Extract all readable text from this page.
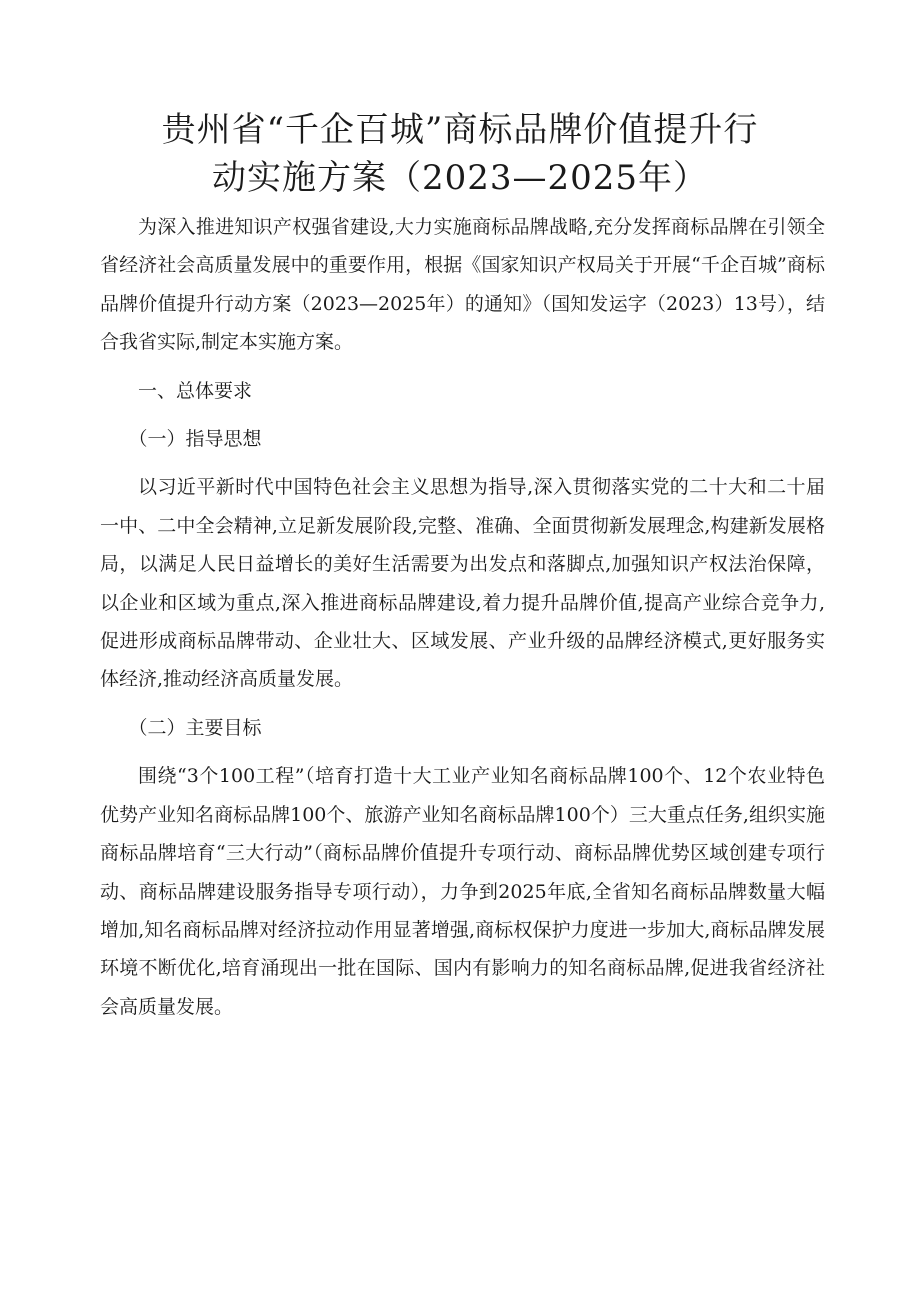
贵州省“千企百城”商标品牌价值提升行
动实施方案（2023—2025年）

为深入推进知识产权强省建设,大力实施商标品牌战略,充分发挥商标品牌在引领全省经济社会高质量发展中的重要作用，根据《国家知识产权局关于开展“千企百城”商标品牌价值提升行动方案（2023—2025年）的通知》（国知发运字（2023）13号），结合我省实际,制定本实施方案。

一、总体要求

（一）指导思想

以习近平新时代中国特色社会主义思想为指导,深入贯彻落实党的二十大和二十届一中、二中全会精神,立足新发展阶段,完整、准确、全面贯彻新发展理念,构建新发展格局，以满足人民日益增长的美好生活需要为出发点和落脚点,加强知识产权法治保障，以企业和区域为重点,深入推进商标品牌建设,着力提升品牌价值,提高产业综合竞争力,促进形成商标品牌带动、企业壮大、区域发展、产业升级的品牌经济模式,更好服务实体经济,推动经济高质量发展。

（二）主要目标

围绕“3个100工程”（培育打造十大工业产业知名商标品牌100个、12个农业特色优势产业知名商标品牌100个、旅游产业知名商标品牌100个）三大重点任务,组织实施商标品牌培育“三大行动”（商标品牌价值提升专项行动、商标品牌优势区域创建专项行动、商标品牌建设服务指导专项行动），力争到2025年底,全省知名商标品牌数量大幅增加,知名商标品牌对经济拉动作用显著增强,商标权保护力度进一步加大,商标品牌发展环境不断优化,培育涌现出一批在国际、国内有影响力的知名商标品牌,促进我省经济社会高质量发展。
